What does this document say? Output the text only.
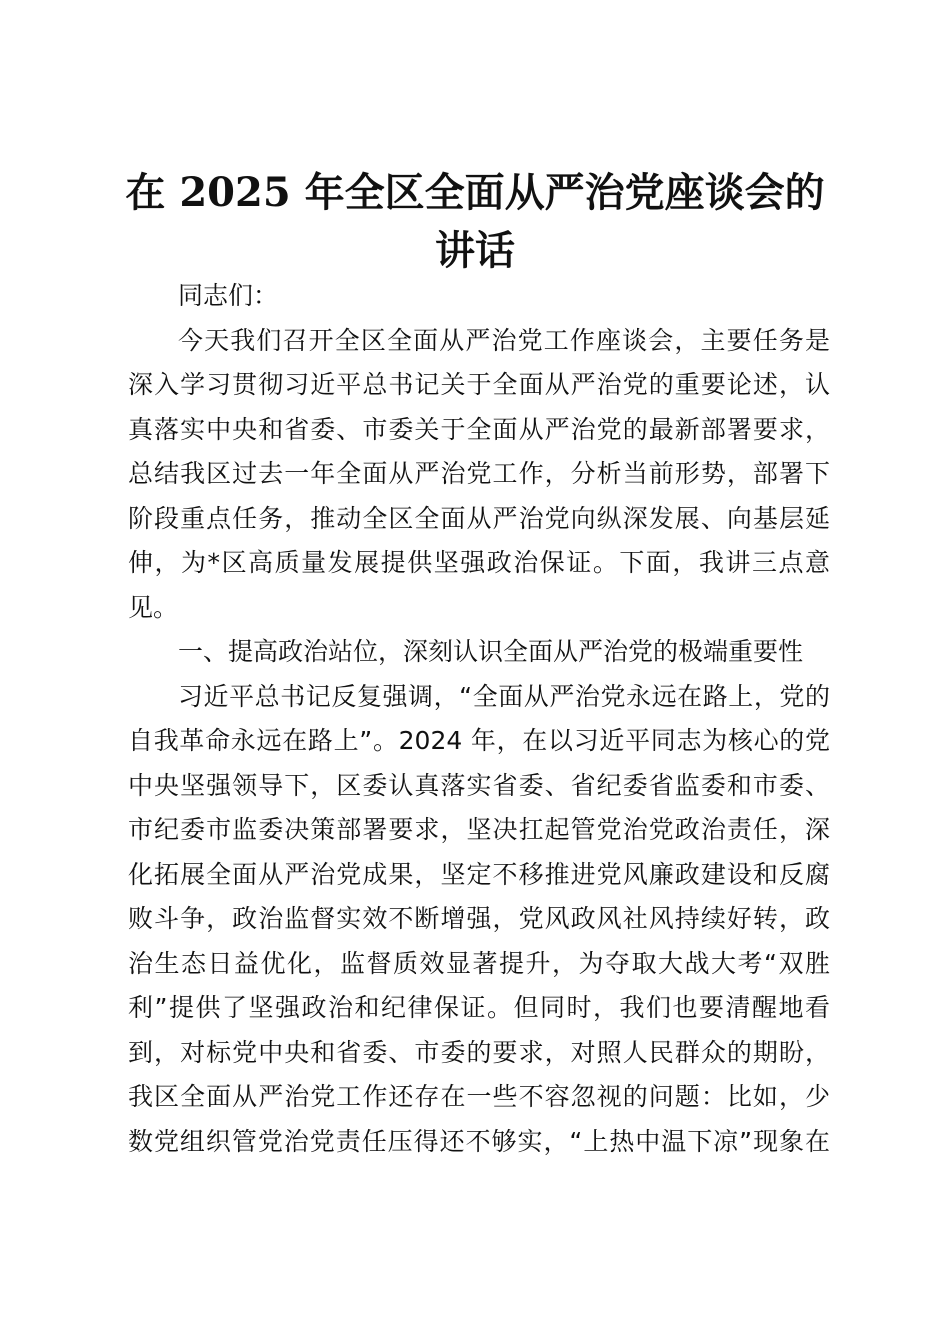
在 2025 年全区全面从严治党座谈会的
讲话
同志们：
今天我们召开全区全面从严治党工作座谈会，主要任务是
深入学习贯彻习近平总书记关于全面从严治党的重要论述，认
真落实中央和省委、市委关于全面从严治党的最新部署要求，
总结我区过去一年全面从严治党工作，分析当前形势，部署下
阶段重点任务，推动全区全面从严治党向纵深发展、向基层延
伸，为*区高质量发展提供坚强政治保证。下面，我讲三点意
见。
一、提高政治站位，深刻认识全面从严治党的极端重要性
习近平总书记反复强调，“全面从严治党永远在路上，党的
自我革命永远在路上”。2024 年，在以习近平同志为核心的党
中央坚强领导下，区委认真落实省委、省纪委省监委和市委、
市纪委市监委决策部署要求，坚决扛起管党治党政治责任，深
化拓展全面从严治党成果，坚定不移推进党风廉政建设和反腐
败斗争，政治监督实效不断增强，党风政风社风持续好转，政
治生态日益优化，监督质效显著提升，为夺取大战大考“双胜
利”提供了坚强政治和纪律保证。但同时，我们也要清醒地看
到，对标党中央和省委、市委的要求，对照人民群众的期盼，
我区全面从严治党工作还存在一些不容忽视的问题：比如，少
数党组织管党治党责任压得还不够实，“上热中温下凉”现象在
